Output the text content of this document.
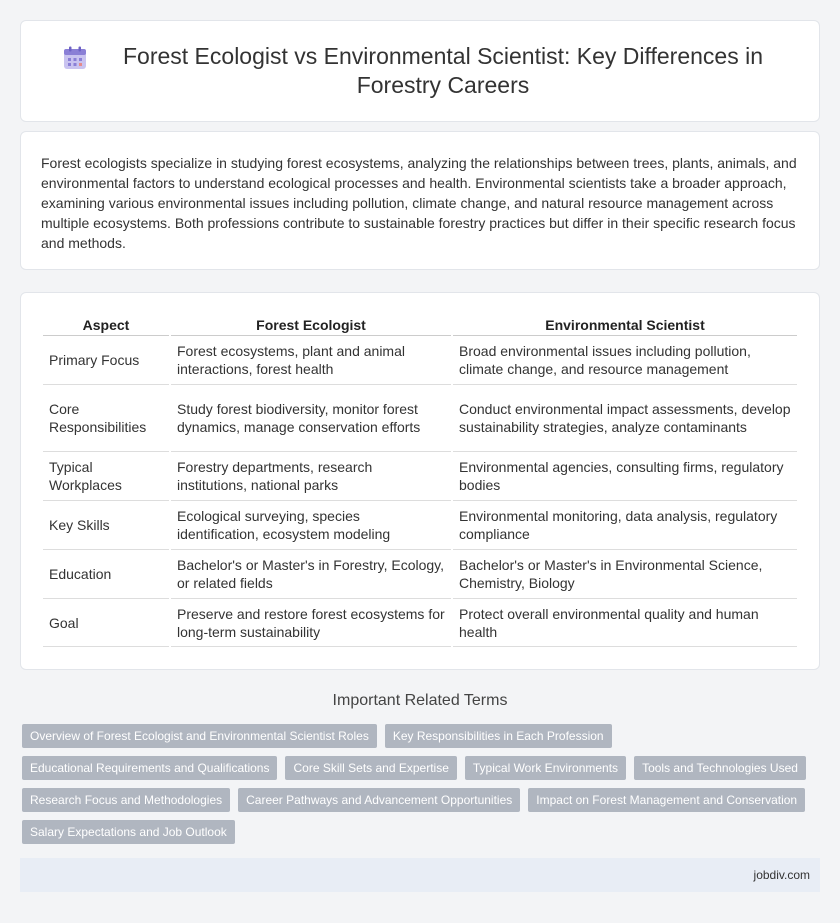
Forest Ecologist vs Environmental Scientist: Key Differences in Forestry Careers

Forest ecologists specialize in studying forest ecosystems, analyzing the relationships between trees, plants, animals, and environmental factors to understand ecological processes and health. Environmental scientists take a broader approach, examining various environmental issues including pollution, climate change, and natural resource management across multiple ecosystems. Both professions contribute to sustainable forestry practices but differ in their specific research focus and methods.

Aspect	Forest Ecologist	Environmental Scientist
Primary Focus	Forest ecosystems, plant and animal interactions, forest health	Broad environmental issues including pollution, climate change, and resource management
Core Responsibilities	Study forest biodiversity, monitor forest dynamics, manage conservation efforts	Conduct environmental impact assessments, develop sustainability strategies, analyze contaminants
Typical Workplaces	Forestry departments, research institutions, national parks	Environmental agencies, consulting firms, regulatory bodies
Key Skills	Ecological surveying, species identification, ecosystem modeling	Environmental monitoring, data analysis, regulatory compliance
Education	Bachelor's or Master's in Forestry, Ecology, or related fields	Bachelor's or Master's in Environmental Science, Chemistry, Biology
Goal	Preserve and restore forest ecosystems for long-term sustainability	Protect overall environmental quality and human health
Important Related Terms
Overview of Forest Ecologist and Environmental Scientist Roles	Key Responsibilities in Each Profession
Educational Requirements and Qualifications	Core Skill Sets and Expertise	Typical Work Environments	Tools and Technologies Used
Research Focus and Methodologies	Career Pathways and Advancement Opportunities	Impact on Forest Management and Conservation
Salary Expectations and Job Outlook
jobdiv.com
